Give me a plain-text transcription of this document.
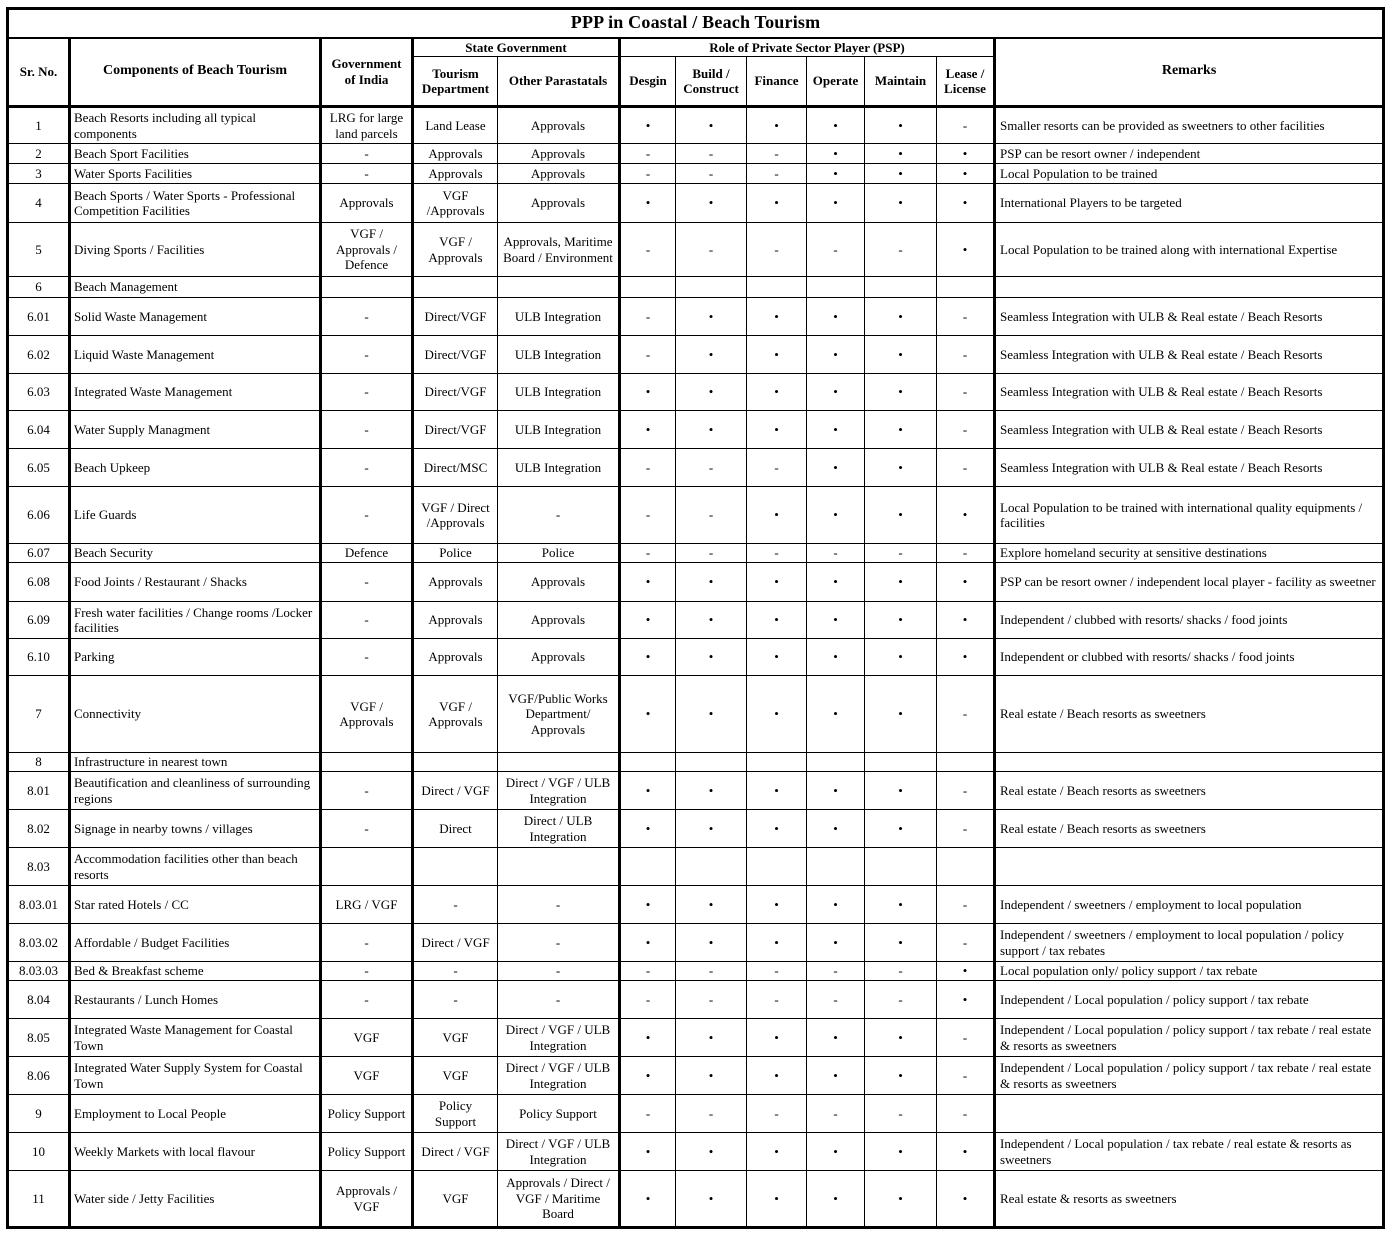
PPP in Coastal / Beach Tourism											
Sr. No.	Components of Beach Tourism	Government of India	State Government		Role of Private Sector Player (PSP)						Remarks
			Tourism Department	Other Parastatals	Desgin	Build / Construct	Finance	Operate	Maintain	Lease / License	
1	Beach Resorts including all typical components	LRG for large land parcels	Land Lease	Approvals	•	•	•	•	•	-	Smaller resorts can be provided as sweetners to other facilities
2	Beach Sport Facilities	-	Approvals	Approvals	-	-	-	•	•	•	PSP can be resort owner / independent
3	Water Sports Facilities	-	Approvals	Approvals	-	-	-	•	•	•	Local Population to be trained
4	Beach Sports / Water Sports - Professional Competition Facilities	Approvals	VGF /Approvals	Approvals	•	•	•	•	•	•	International Players to be targeted
5	Diving Sports / Facilities	VGF / Approvals / Defence	VGF / Approvals	Approvals, Maritime Board / Environment	-	-	-	-	-	•	Local Population to be trained along with international Expertise
6	Beach Management										
6.01	Solid Waste Management	-	Direct/VGF	ULB Integration	-	•	•	•	•	-	Seamless Integration with ULB & Real estate / Beach Resorts
6.02	Liquid Waste Management	-	Direct/VGF	ULB Integration	-	•	•	•	•	-	Seamless Integration with ULB & Real estate / Beach Resorts
6.03	Integrated Waste Management	-	Direct/VGF	ULB Integration	•	•	•	•	•	-	Seamless Integration with ULB & Real estate / Beach Resorts
6.04	Water Supply Managment	-	Direct/VGF	ULB Integration	•	•	•	•	•	-	Seamless Integration with ULB & Real estate / Beach Resorts
6.05	Beach Upkeep	-	Direct/MSC	ULB Integration	-	-	-	•	•	-	Seamless Integration with ULB & Real estate / Beach Resorts
6.06	Life Guards	-	VGF / Direct /Approvals	-	-	-	•	•	•	•	Local Population to be trained with international quality equipments / facilities
6.07	Beach Security	Defence	Police	Police	-	-	-	-	-	-	Explore homeland security at sensitive destinations
6.08	Food Joints / Restaurant / Shacks	-	Approvals	Approvals	•	•	•	•	•	•	PSP can be resort owner / independent local player - facility as sweetner
6.09	Fresh water facilities / Change rooms /Locker facilities	-	Approvals	Approvals	•	•	•	•	•	•	Independent / clubbed with resorts/ shacks / food joints
6.10	Parking	-	Approvals	Approvals	•	•	•	•	•	•	Independent or clubbed with resorts/ shacks / food joints
7	Connectivity	VGF / Approvals	VGF / Approvals	VGF/Public Works Department/ Approvals	•	•	•	•	•	-	Real estate / Beach resorts as sweetners
8	Infrastructure in nearest town										
8.01	Beautification and cleanliness of surrounding regions	-	Direct / VGF	Direct / VGF / ULB Integration	•	•	•	•	•	-	Real estate / Beach resorts as sweetners
8.02	Signage in nearby towns / villages	-	Direct	Direct / ULB Integration	•	•	•	•	•	-	Real estate / Beach resorts as sweetners
8.03	Accommodation facilities other than beach resorts										
8.03.01	Star rated Hotels / CC	LRG / VGF	-	-	•	•	•	•	•	-	Independent / sweetners / employment to local population
8.03.02	Affordable / Budget Facilities	-	Direct / VGF	-	•	•	•	•	•	-	Independent / sweetners / employment to local population / policy support / tax rebates
8.03.03	Bed & Breakfast scheme	-	-	-	-	-	-	-	-	•	Local population only/ policy support / tax rebate
8.04	Restaurants / Lunch Homes	-	-	-	-	-	-	-	-	•	Independent / Local population / policy support / tax rebate
8.05	Integrated Waste Management for Coastal Town	VGF	VGF	Direct / VGF / ULB Integration	•	•	•	•	•	-	Independent / Local population / policy support / tax rebate / real estate & resorts as sweetners
8.06	Integrated Water Supply System for Coastal Town	VGF	VGF	Direct / VGF / ULB Integration	•	•	•	•	•	-	Independent / Local population / policy support / tax rebate / real estate & resorts as sweetners
9	Employment to Local People	Policy Support	Policy Support	Policy Support	-	-	-	-	-	-	
10	Weekly Markets with local flavour	Policy Support	Direct / VGF	Direct / VGF / ULB Integration	•	•	•	•	•	•	Independent / Local population / tax rebate / real estate & resorts as sweetners
11	Water side / Jetty Facilities	Approvals / VGF	VGF	Approvals / Direct / VGF / Maritime Board	•	•	•	•	•	•	Real estate & resorts as sweetners
